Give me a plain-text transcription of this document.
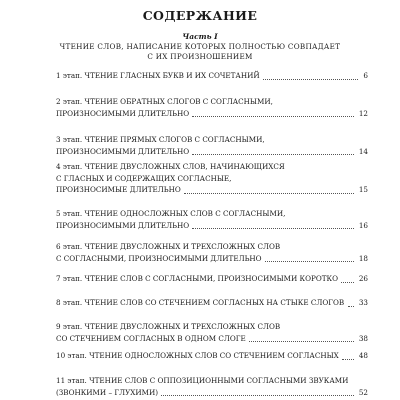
СОДЕРЖАНИЕ
Часть I
ЧТЕНИЕ СЛОВ, НАПИСАНИЕ КОТОРЫХ ПОЛНОСТЬЮ СОВПАДАЕТ
С ИХ ПРОИЗНОШЕНИЕМ
1 этап. ЧТЕНИЕ ГЛАСНЫХ БУКВ И ИХ СОЧЕТАНИЙ	6
2 этап. ЧТЕНИЕ ОБРАТНЫХ СЛОГОВ С СОГЛАСНЫМИ,
ПРОИЗНОСИМЫМИ ДЛИТЕЛЬНО	12
3 этап. ЧТЕНИЕ ПРЯМЫХ СЛОГОВ С СОГЛАСНЫМИ,
ПРОИЗНОСИМЫМИ ДЛИТЕЛЬНО	14
4 этап. ЧТЕНИЕ ДВУСЛОЖНЫХ СЛОВ, НАЧИНАЮЩИХСЯ
С ГЛАСНЫХ И СОДЕРЖАЩИХ СОГЛАСНЫЕ,
ПРОИЗНОСИМЫЕ ДЛИТЕЛЬНО	15
5 этап. ЧТЕНИЕ ОДНОСЛОЖНЫХ СЛОВ С СОГЛАСНЫМИ,
ПРОИЗНОСИМЫМИ ДЛИТЕЛЬНО	16
6 этап. ЧТЕНИЕ ДВУСЛОЖНЫХ И ТРЕХСЛОЖНЫХ СЛОВ
С СОГЛАСНЫМИ, ПРОИЗНОСИМЫМИ ДЛИТЕЛЬНО	18
7 этап. ЧТЕНИЕ СЛОВ С СОГЛАСНЫМИ, ПРОИЗНОСИМЫМИ КОРОТКО	26
8 этап. ЧТЕНИЕ СЛОВ СО СТЕЧЕНИЕМ СОГЛАСНЫХ НА СТЫКЕ СЛОГОВ 33
9 этап. ЧТЕНИЕ ДВУСЛОЖНЫХ И ТРЕХСЛОЖНЫХ СЛОВ
СО СТЕЧЕНИЕМ СОГЛАСНЫХ В ОДНОМ СЛОГЕ	38
10 этап. ЧТЕНИЕ ОДНОСЛОЖНЫХ СЛОВ СО СТЕЧЕНИЕМ СОГЛАСНЫХ	48
11 этап. ЧТЕНИЕ СЛОВ С ОППОЗИЦИОННЫМИ СОГЛАСНЫМИ ЗВУКАМИ
(ЗВОНКИМИ – ГЛУХИМИ)	52
